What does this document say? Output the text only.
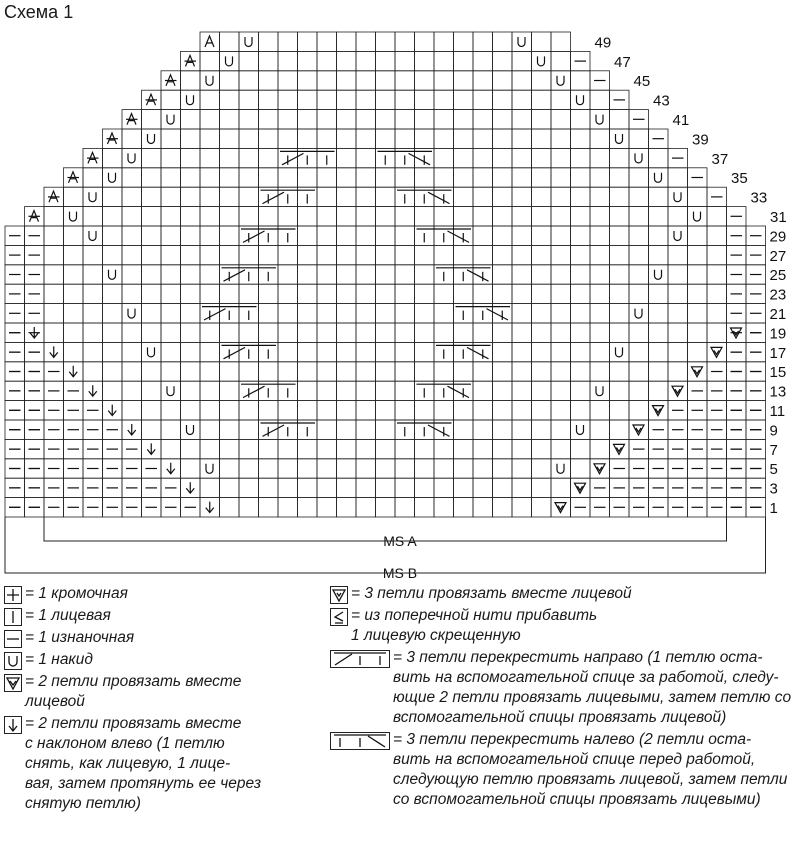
Схема 1
49
47
45
43
41
39
37
35
33
31
29
27
25
23
21
19
17
15
13
11
9
7
5
3
1
MS A
MS B
= 1 кромочная
= 1 лицевая
= 1 изнаночная
= 1 накид
= 2 петли провязать вместе
лицевой
= 2 петли провязать вместе
с наклоном влево (1 петлю
снять, как лицевую, 1 лице-
вая, затем протянуть ее через
снятую петлю)
= 3 петли провязать вместе лицевой
= из поперечной нити прибавить
1 лицевую скрещенную
= 3 петли перекрестить направо (1 петлю оста-
вить на вспомогательной спице за работой, следу-
ющие 2 петли провязать лицевыми, затем петлю со
вспомогательной спицы провязать лицевой)
= 3 петли перекрестить налево (2 петли оста-
вить на вспомогательной спице перед работой,
следующую петлю провязать лицевой, затем петли
со вспомогательной спицы провязать лицевыми)
